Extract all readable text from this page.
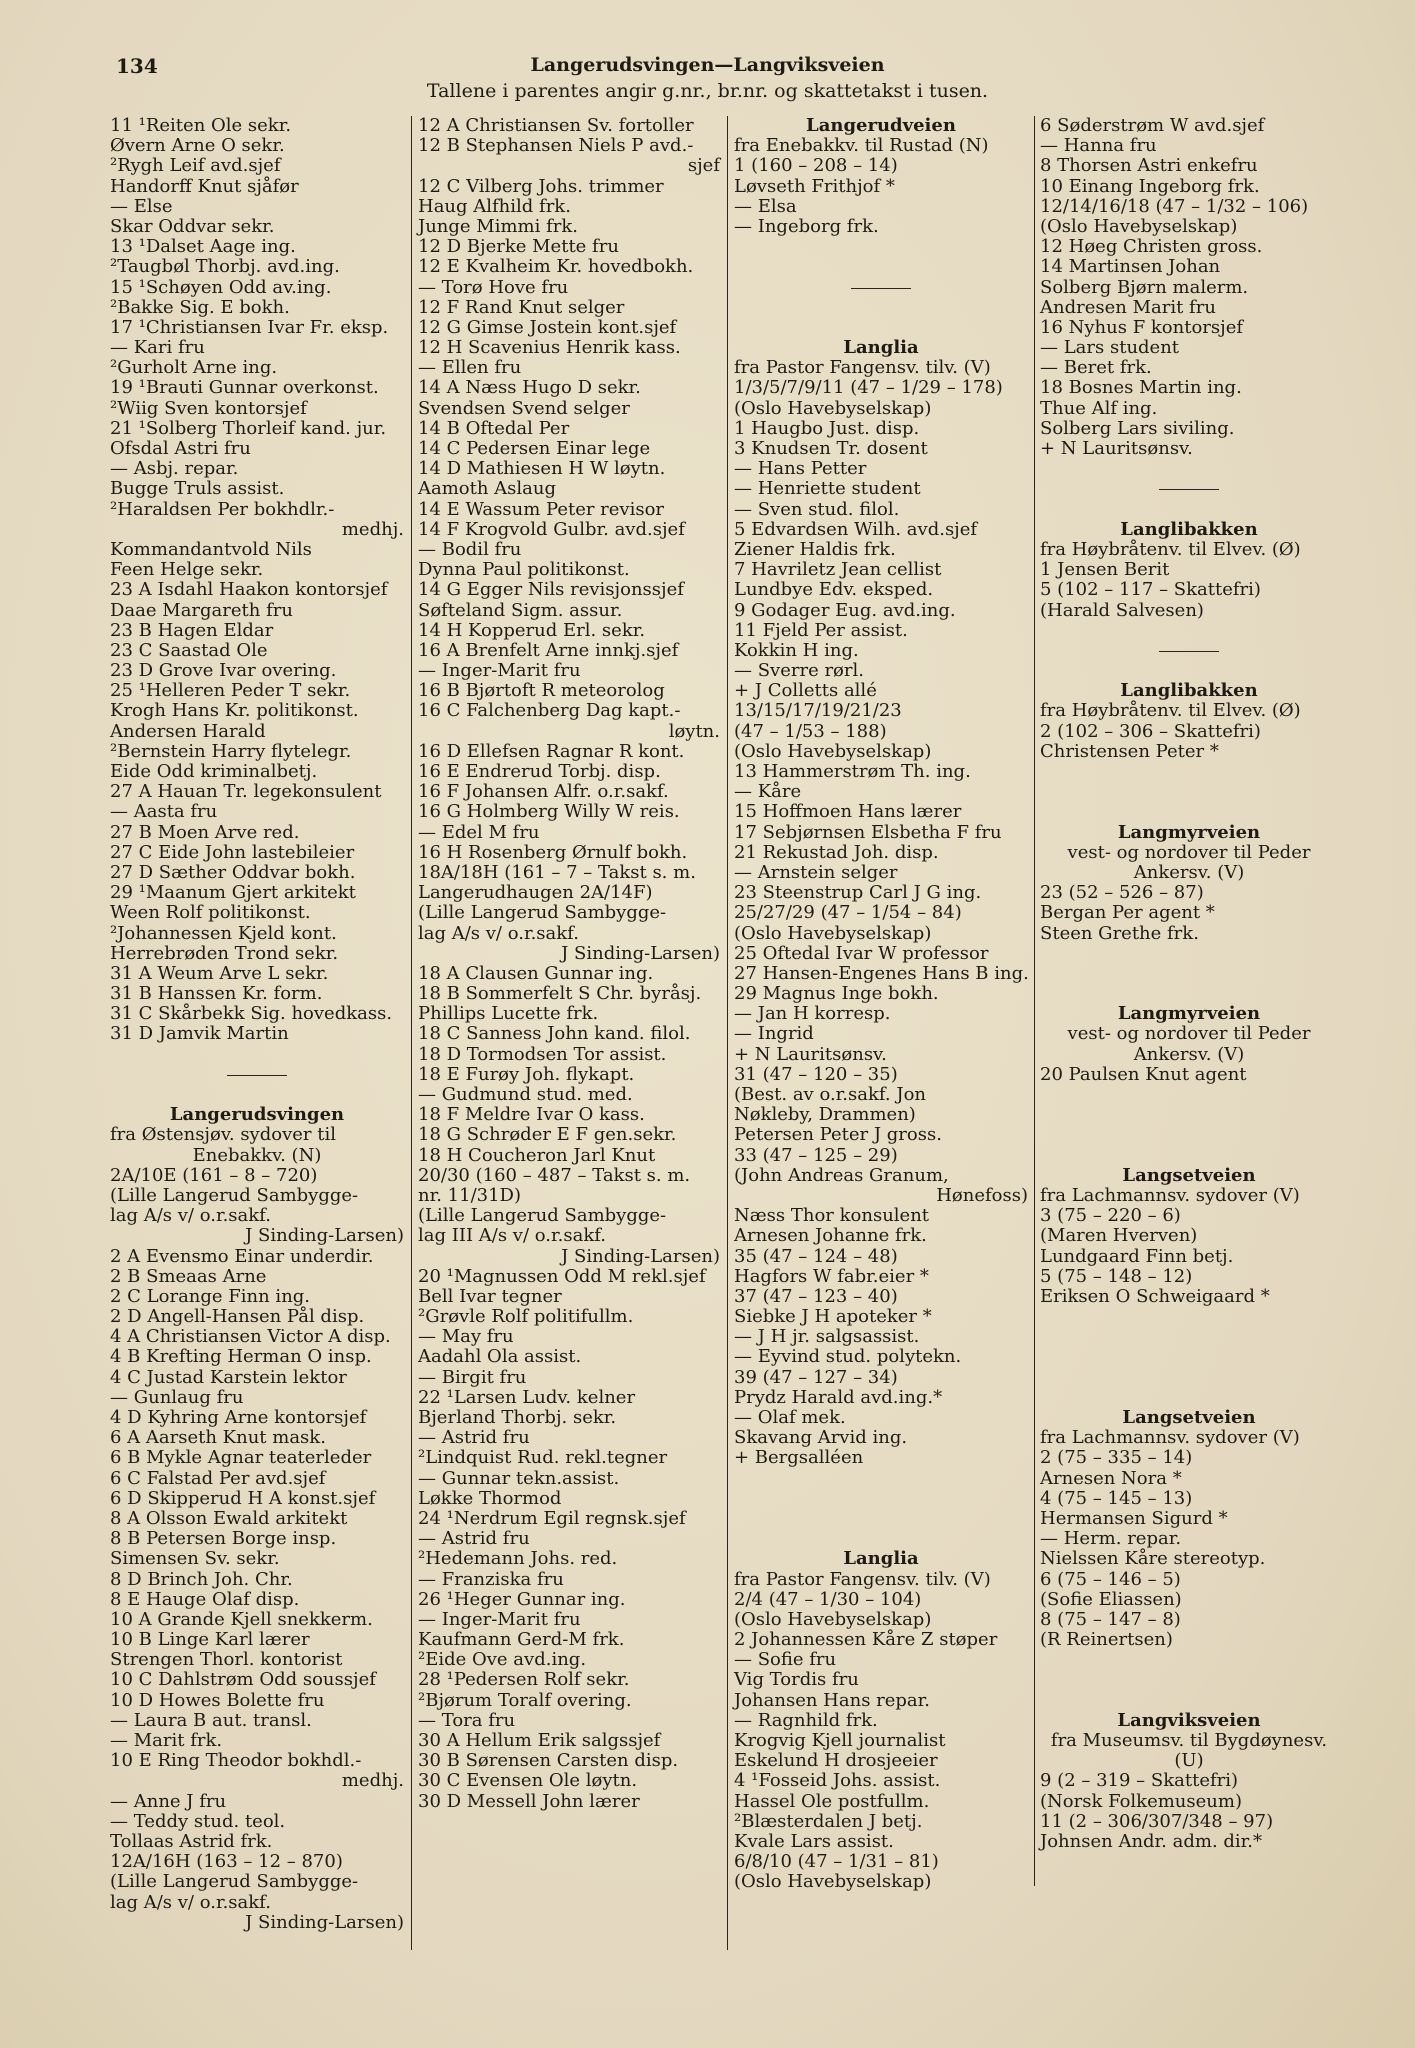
Langerudsvingen—Langviksveien
134
Tallene i parentes angir g.nr., br.nr. og skattetakst i tusen.
11 ¹Reiten Ole sekr.
Øvern Arne O sekr.
²Rygh Leif avd.sjef
Handorff Knut sjåfør
— Else
Skar Oddvar sekr.
13 ¹Dalset Aage ing.
²Taugbøl Thorbj. avd.ing.
15 ¹Schøyen Odd av.ing.
²Bakke Sig. E bokh.
17 ¹Christiansen Ivar Fr. eksp.
— Kari fru
²Gurholt Arne ing.
19 ¹Brauti Gunnar overkonst.
²Wiig Sven kontorsjef
21 ¹Solberg Thorleif kand. jur.
Ofsdal Astri fru
— Asbj. repar.
Bugge Truls assist.
²Haraldsen Per bokhdlr.-
medhj.
Kommandantvold Nils
Feen Helge sekr.
23 A Isdahl Haakon kontorsjef
Daae Margareth fru
23 B Hagen Eldar
23 C Saastad Ole
23 D Grove Ivar overing.
25 ¹Helleren Peder T sekr.
Krogh Hans Kr. politikonst.
Andersen Harald
²Bernstein Harry flytelegr.
Eide Odd kriminalbetj.
27 A Hauan Tr. legekonsulent
— Aasta fru
27 B Moen Arve red.
27 C Eide John lastebileier
27 D Sæther Oddvar bokh.
29 ¹Maanum Gjert arkitekt
Ween Rolf politikonst.
²Johannessen Kjeld kont.
Herrebrøden Trond sekr.
31 A Weum Arve L sekr.
31 B Hanssen Kr. form.
31 C Skårbekk Sig. hovedkass.
31 D Jamvik Martin
Langerudsvingen
fra Østensjøv. sydover til
Enebakkv. (N)
2A/10E (161 – 8 – 720)
(Lille Langerud Sambygge-
lag A/s v/ o.r.sakf.
J Sinding-Larsen)
2 A Evensmo Einar underdir.
2 B Smeaas Arne
2 C Lorange Finn ing.
2 D Angell-Hansen Pål disp.
4 A Christiansen Victor A disp.
4 B Krefting Herman O insp.
4 C Justad Karstein lektor
— Gunlaug fru
4 D Kyhring Arne kontorsjef
6 A Aarseth Knut mask.
6 B Mykle Agnar teaterleder
6 C Falstad Per avd.sjef
6 D Skipperud H A konst.sjef
8 A Olsson Ewald arkitekt
8 B Petersen Borge insp.
Simensen Sv. sekr.
8 D Brinch Joh. Chr.
8 E Hauge Olaf disp.
10 A Grande Kjell snekkerm.
10 B Linge Karl lærer
Strengen Thorl. kontorist
10 C Dahlstrøm Odd soussjef
10 D Howes Bolette fru
— Laura B aut. transl.
— Marit frk.
10 E Ring Theodor bokhdl.-
medhj.
— Anne J fru
— Teddy stud. teol.
Tollaas Astrid frk.
12A/16H (163 – 12 – 870)
(Lille Langerud Sambygge-
lag A/s v/ o.r.sakf.
J Sinding-Larsen)
12 A Christiansen Sv. fortoller
12 B Stephansen Niels P avd.-
sjef
12 C Vilberg Johs. trimmer
Haug Alfhild frk.
Junge Mimmi frk.
12 D Bjerke Mette fru
12 E Kvalheim Kr. hovedbokh.
— Torø Hove fru
12 F Rand Knut selger
12 G Gimse Jostein kont.sjef
12 H Scavenius Henrik kass.
— Ellen fru
14 A Næss Hugo D sekr.
Svendsen Svend selger
14 B Oftedal Per
14 C Pedersen Einar lege
14 D Mathiesen H W løytn.
Aamoth Aslaug
14 E Wassum Peter revisor
14 F Krogvold Gulbr. avd.sjef
— Bodil fru
Dynna Paul politikonst.
14 G Egger Nils revisjonssjef
Søfteland Sigm. assur.
14 H Kopperud Erl. sekr.
16 A Brenfelt Arne innkj.sjef
— Inger-Marit fru
16 B Bjørtoft R meteorolog
16 C Falchenberg Dag kapt.-
løytn.
16 D Ellefsen Ragnar R kont.
16 E Endrerud Torbj. disp.
16 F Johansen Alfr. o.r.sakf.
16 G Holmberg Willy W reis.
— Edel M fru
16 H Rosenberg Ørnulf bokh.
18A/18H (161 – 7 – Takst s. m.
Langerudhaugen 2A/14F)
(Lille Langerud Sambygge-
lag A/s v/ o.r.sakf.
J Sinding-Larsen)
18 A Clausen Gunnar ing.
18 B Sommerfelt S Chr. byråsj.
Phillips Lucette frk.
18 C Sanness John kand. filol.
18 D Tormodsen Tor assist.
18 E Furøy Joh. flykapt.
— Gudmund stud. med.
18 F Meldre Ivar O kass.
18 G Schrøder E F gen.sekr.
18 H Coucheron Jarl Knut
20/30 (160 – 487 – Takst s. m.
nr. 11/31D)
(Lille Langerud Sambygge-
lag III A/s v/ o.r.sakf.
J Sinding-Larsen)
20 ¹Magnussen Odd M rekl.sjef
Bell Ivar tegner
²Grøvle Rolf politifullm.
— May fru
Aadahl Ola assist.
— Birgit fru
22 ¹Larsen Ludv. kelner
Bjerland Thorbj. sekr.
— Astrid fru
²Lindquist Rud. rekl.tegner
— Gunnar tekn.assist.
Løkke Thormod
24 ¹Nerdrum Egil regnsk.sjef
— Astrid fru
²Hedemann Johs. red.
— Franziska fru
26 ¹Heger Gunnar ing.
— Inger-Marit fru
Kaufmann Gerd-M frk.
²Eide Ove avd.ing.
28 ¹Pedersen Rolf sekr.
²Bjørum Toralf overing.
— Tora fru
30 A Hellum Erik salgssjef
30 B Sørensen Carsten disp.
30 C Evensen Ole løytn.
30 D Messell John lærer
Langerudveien
fra Enebakkv. til Rustad (N)
1 (160 – 208 – 14)
Løvseth Frithjof *
— Elsa
— Ingeborg frk.
Langlia
fra Pastor Fangensv. tilv. (V)
1/3/5/7/9/11 (47 – 1/29 – 178)
(Oslo Havebyselskap)
1 Haugbo Just. disp.
3 Knudsen Tr. dosent
— Hans Petter
— Henriette student
— Sven stud. filol.
5 Edvardsen Wilh. avd.sjef
Ziener Haldis frk.
7 Havriletz Jean cellist
Lundbye Edv. eksped.
9 Godager Eug. avd.ing.
11 Fjeld Per assist.
Kokkin H ing.
— Sverre rørl.
+ J Colletts allé
13/15/17/19/21/23
(47 – 1/53 – 188)
(Oslo Havebyselskap)
13 Hammerstrøm Th. ing.
— Kåre
15 Hoffmoen Hans lærer
17 Sebjørnsen Elsbetha F fru
21 Rekustad Joh. disp.
— Arnstein selger
23 Steenstrup Carl J G ing.
25/27/29 (47 – 1/54 – 84)
(Oslo Havebyselskap)
25 Oftedal Ivar W professor
27 Hansen-Engenes Hans B ing.
29 Magnus Inge bokh.
— Jan H korresp.
— Ingrid
+ N Lauritsønsv.
31 (47 – 120 – 35)
(Best. av o.r.sakf. Jon
Nøkleby, Drammen)
Petersen Peter J gross.
33 (47 – 125 – 29)
(John Andreas Granum,
Hønefoss)
Næss Thor konsulent
Arnesen Johanne frk.
35 (47 – 124 – 48)
Hagfors W fabr.eier *
37 (47 – 123 – 40)
Siebke J H apoteker *
— J H jr. salgsassist.
— Eyvind stud. polytekn.
39 (47 – 127 – 34)
Prydz Harald avd.ing.*
— Olaf mek.
Skavang Arvid ing.
+ Bergsalléen
Langlia
fra Pastor Fangensv. tilv. (V)
2/4 (47 – 1/30 – 104)
(Oslo Havebyselskap)
2 Johannessen Kåre Z støper
— Sofie fru
Vig Tordis fru
Johansen Hans repar.
— Ragnhild frk.
Krogvig Kjell journalist
Eskelund H drosjeeier
4 ¹Fosseid Johs. assist.
Hassel Ole postfullm.
²Blæsterdalen J betj.
Kvale Lars assist.
6/8/10 (47 – 1/31 – 81)
(Oslo Havebyselskap)
6 Søderstrøm W avd.sjef
— Hanna fru
8 Thorsen Astri enkefru
10 Einang Ingeborg frk.
12/14/16/18 (47 – 1/32 – 106)
(Oslo Havebyselskap)
12 Høeg Christen gross.
14 Martinsen Johan
Solberg Bjørn malerm.
Andresen Marit fru
16 Nyhus F kontorsjef
— Lars student
— Beret frk.
18 Bosnes Martin ing.
Thue Alf ing.
Solberg Lars siviling.
+ N Lauritsønsv.
Langlibakken
fra Høybråtenv. til Elvev. (Ø)
1 Jensen Berit
5 (102 – 117 – Skattefri)
(Harald Salvesen)
Langlibakken
fra Høybråtenv. til Elvev. (Ø)
2 (102 – 306 – Skattefri)
Christensen Peter *
Langmyrveien
vest- og nordover til Peder
Ankersv. (V)
23 (52 – 526 – 87)
Bergan Per agent *
Steen Grethe frk.
Langmyrveien
vest- og nordover til Peder
Ankersv. (V)
20 Paulsen Knut agent
Langsetveien
fra Lachmannsv. sydover (V)
3 (75 – 220 – 6)
(Maren Hverven)
Lundgaard Finn betj.
5 (75 – 148 – 12)
Eriksen O Schweigaard *
Langsetveien
fra Lachmannsv. sydover (V)
2 (75 – 335 – 14)
Arnesen Nora *
4 (75 – 145 – 13)
Hermansen Sigurd *
— Herm. repar.
Nielssen Kåre stereotyp.
6 (75 – 146 – 5)
(Sofie Eliassen)
8 (75 – 147 – 8)
(R Reinertsen)
Langviksveien
fra Museumsv. til Bygdøynesv.
(U)
9 (2 – 319 – Skattefri)
(Norsk Folkemuseum)
11 (2 – 306/307/348 – 97)
Johnsen Andr. adm. dir.*
